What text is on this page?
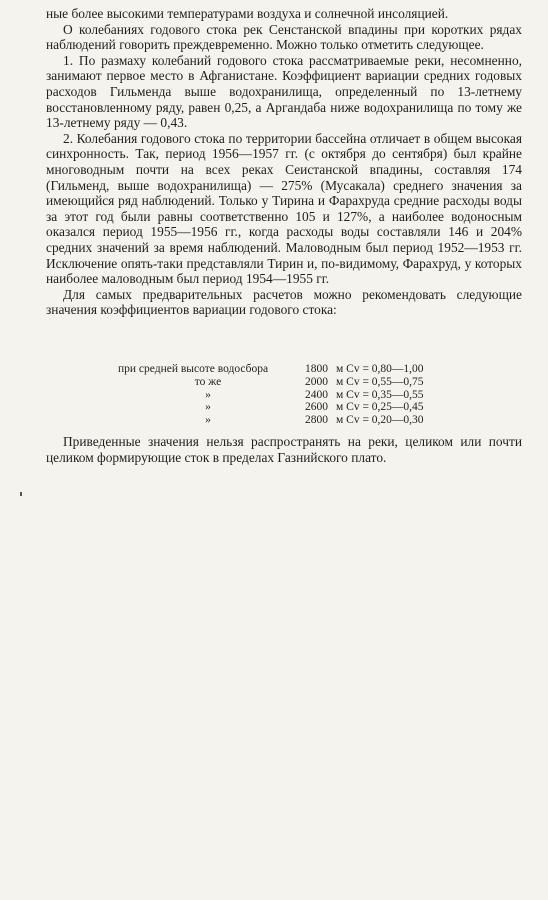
ные более высокими температурами воздуха и солнечной инсоляцией.

О колебаниях годового стока рек Сенстанской впадины при коротких рядах наблюдений говорить преждевременно. Можно только отметить следующее.

1. По размаху колебаний годового стока рассматриваемые реки, несомненно, занимают первое место в Афганистане. Коэффициент вариации средних годовых расходов Гильменда выше водохранилища, определенный по 13-летнему восстановленному ряду, равен 0,25, а Аргандаба ниже водохранилища по тому же 13-летнему ряду — 0,43.

2. Колебания годового стока по территории бассейна отличает в общем высокая синхронность. Так, период 1956—1957 гг. (с октября до сентября) был крайне многоводным почти на всех реках Сеистанской впадины, составляя 174 (Гильменд, выше водохранилища) — 275% (Мусакала) среднего значения за имеющийся ряд наблюдений. Только у Тирина и Фарахруда средние расходы воды за этот год были равны соответственно 105 и 127%, а наиболее водоносным оказался период 1955—1956 гг., когда расходы воды составляли 146 и 204% средних значений за время наблюдений. Маловодным был период 1952—1953 гг. Исключение опять-таки представляли Тирин и, по-видимому, Фарахруд, у которых наиболее маловодным был период 1954—1955 гг.

Для самых предварительных расчетов можно рекомендовать следующие значения коэффициентов вариации годового стока:

при средней высоте водосбора	1800 м Cv = 0,80—1,00
то же	2000 м Cv = 0,55—0,75
»	2400 м Cv = 0,35—0,55
»	2600 м Cv = 0,25—0,45
»	2800 м Cv = 0,20—0,30

Приведенные значения нельзя распространять на реки, целиком или почти целиком формирующие сток в пределах Газнийского плато.
